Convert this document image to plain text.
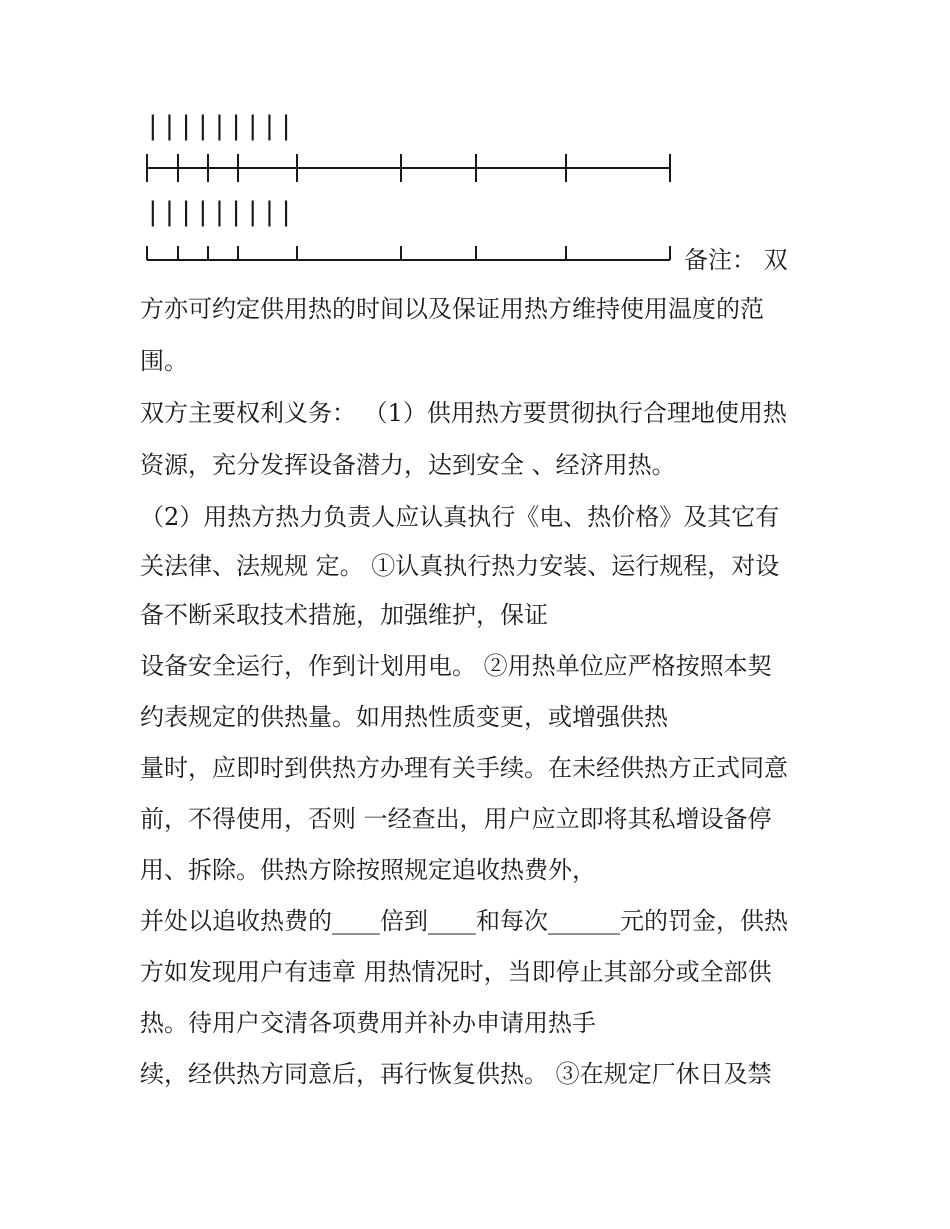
|||||||||
|||||||||
备注： 双
方亦可约定供用热的时间以及保证用热方维持使用温度的范
围。
双方主要权利义务： （1）供用热方要贯彻执行合理地使用热
资源，充分发挥设备潜力，达到安全 、经济用热。
（2）用热方热力负责人应认真执行《电、热价格》及其它有
关法律、法规规 定。 ①认真执行热力安装、运行规程，对设
备不断采取技术措施，加强维护，保证
设备安全运行，作到计划用电。 ②用热单位应严格按照本契
约表规定的供热量。如用热性质变更，或增强供热
量时，应即时到供热方办理有关手续。在未经供热方正式同意
前，不得使用，否则 一经查出，用户应立即将其私增设备停
用、拆除。供热方除按照规定追收热费外，
并处以追收热费的____倍到____和每次______元的罚金，供热
方如发现用户有违章 用热情况时，当即停止其部分或全部供
热。待用户交清各项费用并补办申请用热手
续，经供热方同意后，再行恢复供热。 ③在规定厂休日及禁
